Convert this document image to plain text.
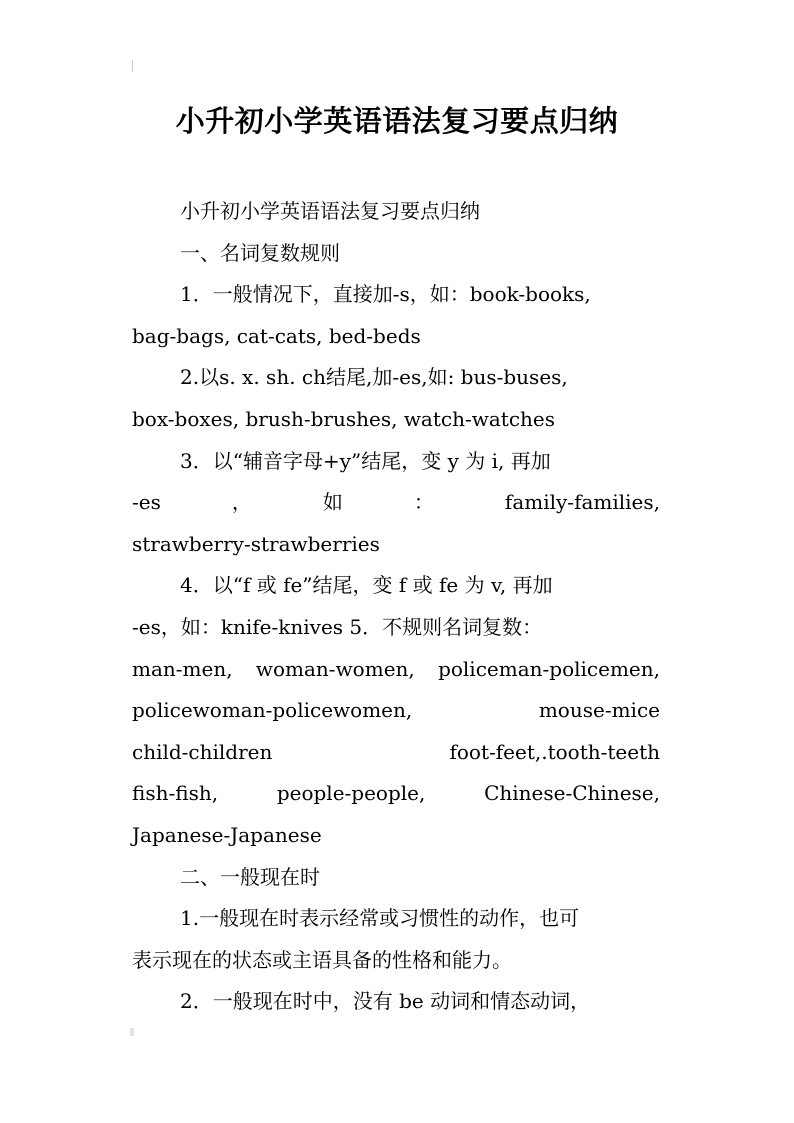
小升初小学英语语法复习要点归纳
小升初小学英语语法复习要点归纳
一、名词复数规则
1．一般情况下，直接加-s，如：book-books,
bag-bags, cat-cats, bed-beds
2.以s. x. sh. ch结尾,加-es,如: bus-buses,
box-boxes, brush-brushes, watch-watches
3．以“辅音字母+y”结尾，变 y 为 i, 再加
-es	，	如	：	family-families,
strawberry-strawberries
4．以“f 或 fe”结尾，变 f 或 fe 为 v, 再加
-es，如：knife-knives 5．不规则名词复数：
man-men, woman-women, policeman-policemen,
policewoman-policewomen,	mouse-mice
child-children	foot-feet,.tooth-teeth
fish-fish,	people-people,	Chinese-Chinese,
Japanese-Japanese
二、一般现在时
1.一般现在时表示经常或习惯性的动作，也可
表示现在的状态或主语具备的性格和能力。
2．一般现在时中，没有 be 动词和情态动词，
